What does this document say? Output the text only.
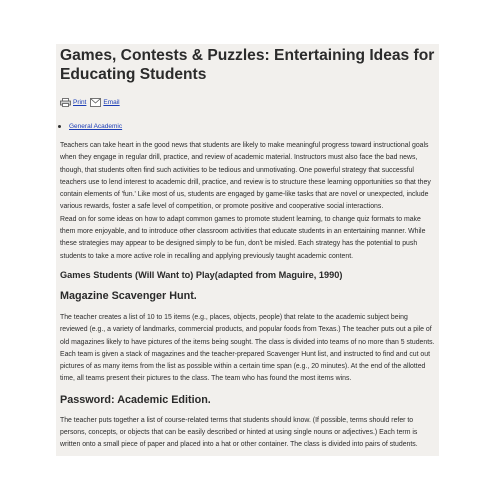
Games, Contests & Puzzles: Entertaining Ideas for Educating Students
Print	Email
General Academic

Teachers can take heart in the good news that students are likely to make meaningful progress toward instructional goals when they engage in regular drill, practice, and review of academic material. Instructors must also face the bad news, though, that students often find such activities to be tedious and unmotivating. One powerful strategy that successful teachers use to lend interest to academic drill, practice, and review is to structure these learning opportunities so that they contain elements of 'fun.' Like most of us, students are engaged by game-like tasks that are novel or unexpected, include various rewards, foster a safe level of competition, or promote positive and cooperative social interactions.

Read on for some ideas on how to adapt common games to promote student learning, to change quiz formats to make them more enjoyable, and to introduce other classroom activities that educate students in an entertaining manner. While these strategies may appear to be designed simply to be fun, don't be misled. Each strategy has the potential to push students to take a more active role in recalling and applying previously taught academic content.

Games Students (Will Want to) Play(adapted from Maguire, 1990)
Magazine Scavenger Hunt.

The teacher creates a list of 10 to 15 items (e.g., places, objects, people) that relate to the academic subject being reviewed (e.g., a variety of landmarks, commercial products, and popular foods from Texas.) The teacher puts out a pile of old magazines likely to have pictures of the items being sought. The class is divided into teams of no more than 5 students. Each team is given a stack of magazines and the teacher-prepared Scavenger Hunt list, and instructed to find and cut out pictures of as many items from the list as possible within a certain time span (e.g., 20 minutes). At the end of the allotted time, all teams present their pictures to the class. The team who has found the most items wins.

Password: Academic Edition.

The teacher puts together a list of course-related terms that students should know. (If possible, terms should refer to persons, concepts, or objects that can be easily described or hinted at using single nouns or adjectives.) Each term is written onto a small piece of paper and placed into a hat or other container. The class is divided into pairs of students.
